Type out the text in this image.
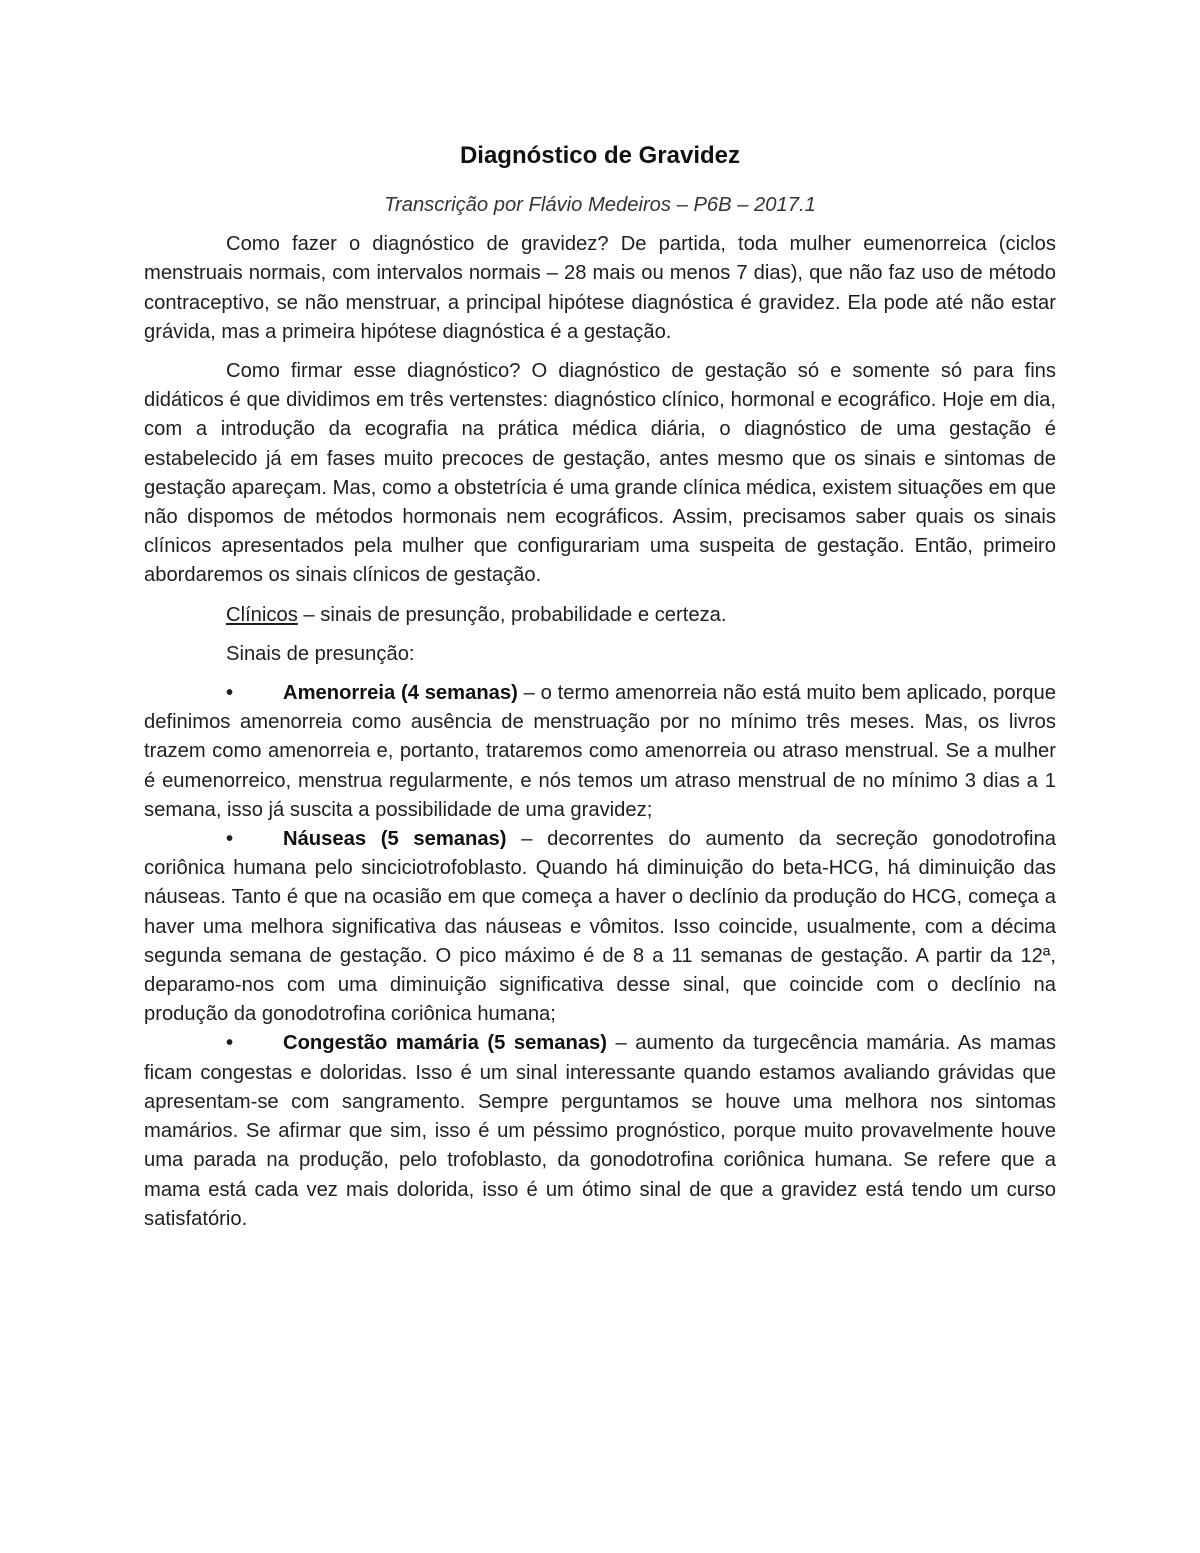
Diagnóstico de Gravidez
Transcrição por Flávio Medeiros – P6B – 2017.1

Como fazer o diagnóstico de gravidez? De partida, toda mulher eumenorreica (ciclos menstruais normais, com intervalos normais – 28 mais ou menos 7 dias), que não faz uso de método contraceptivo, se não menstruar, a principal hipótese diagnóstica é gravidez. Ela pode até não estar grávida, mas a primeira hipótese diagnóstica é a gestação.

Como firmar esse diagnóstico? O diagnóstico de gestação só e somente só para fins didáticos é que dividimos em três vertenstes: diagnóstico clínico, hormonal e ecográfico. Hoje em dia, com a introdução da ecografia na prática médica diária, o diagnóstico de uma gestação é estabelecido já em fases muito precoces de gestação, antes mesmo que os sinais e sintomas de gestação apareçam. Mas, como a obstetrícia é uma grande clínica médica, existem situações em que não dispomos de métodos hormonais nem ecográficos. Assim, precisamos saber quais os sinais clínicos apresentados pela mulher que configurariam uma suspeita de gestação. Então, primeiro abordaremos os sinais clínicos de gestação.

Clínicos – sinais de presunção, probabilidade e certeza.

Sinais de presunção:

• Amenorreia (4 semanas) – o termo amenorreia não está muito bem aplicado, porque definimos amenorreia como ausência de menstruação por no mínimo três meses. Mas, os livros trazem como amenorreia e, portanto, trataremos como amenorreia ou atraso menstrual. Se a mulher é eumenorreico, menstrua regularmente, e nós temos um atraso menstrual de no mínimo 3 dias a 1 semana, isso já suscita a possibilidade de uma gravidez;
• Náuseas (5 semanas) – decorrentes do aumento da secreção gonodotrofina coriônica humana pelo sinciciotrofoblasto. Quando há diminuição do beta-HCG, há diminuição das náuseas. Tanto é que na ocasião em que começa a haver o declínio da produção do HCG, começa a haver uma melhora significativa das náuseas e vômitos. Isso coincide, usualmente, com a décima segunda semana de gestação. O pico máximo é de 8 a 11 semanas de gestação. A partir da 12ª, deparamo-nos com uma diminuição significativa desse sinal, que coincide com o declínio na produção da gonodotrofina coriônica humana;
• Congestão mamária (5 semanas) – aumento da turgecência mamária. As mamas ficam congestas e doloridas. Isso é um sinal interessante quando estamos avaliando grávidas que apresentam-se com sangramento. Sempre perguntamos se houve uma melhora nos sintomas mamários. Se afirmar que sim, isso é um péssimo prognóstico, porque muito provavelmente houve uma parada na produção, pelo trofoblasto, da gonodotrofina coriônica humana. Se refere que a mama está cada vez mais dolorida, isso é um ótimo sinal de que a gravidez está tendo um curso satisfatório.
